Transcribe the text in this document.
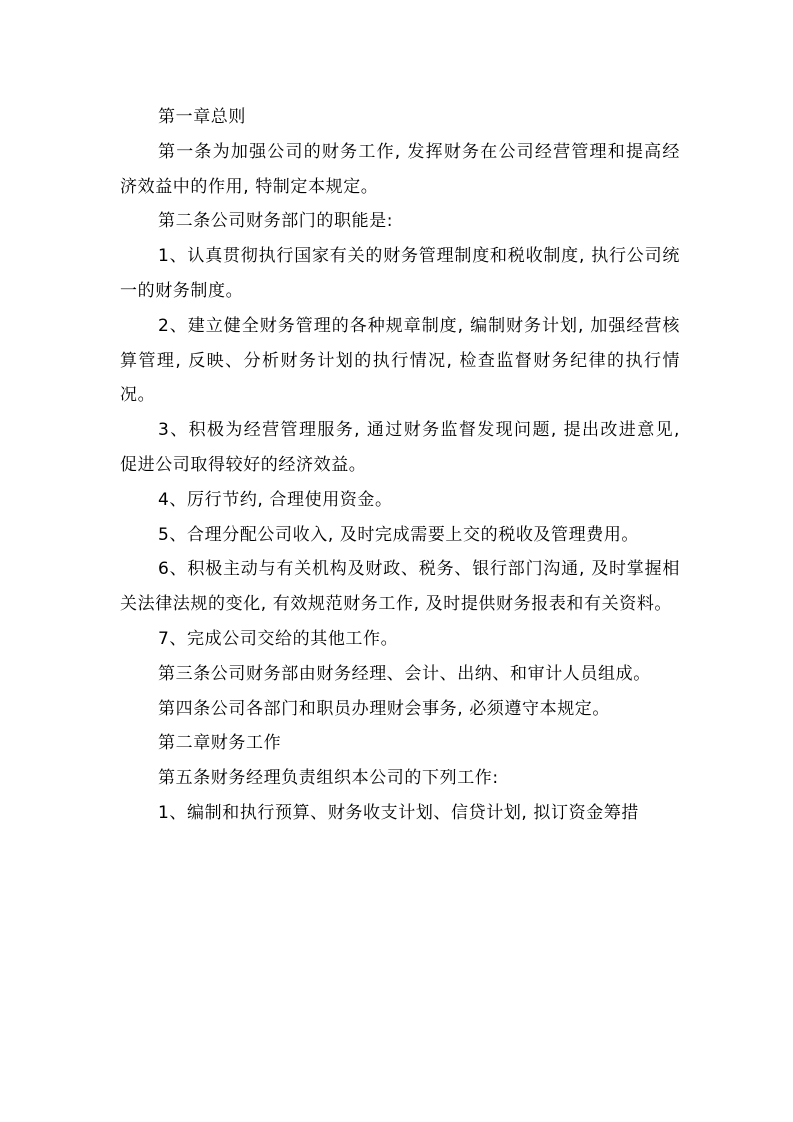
第一章总则

第一条为加强公司的财务工作, 发挥财务在公司经营管理和提高经济效益中的作用, 特制定本规定。

第二条公司财务部门的职能是:

1、认真贯彻执行国家有关的财务管理制度和税收制度, 执行公司统一的财务制度。

2、建立健全财务管理的各种规章制度, 编制财务计划, 加强经营核算管理, 反映、分析财务计划的执行情况, 检查监督财务纪律的执行情况。

3、积极为经营管理服务, 通过财务监督发现问题, 提出改进意见, 促进公司取得较好的经济效益。

4、厉行节约, 合理使用资金。

5、合理分配公司收入, 及时完成需要上交的税收及管理费用。

6、积极主动与有关机构及财政、税务、银行部门沟通, 及时掌握相关法律法规的变化, 有效规范财务工作, 及时提供财务报表和有关资料。

7、完成公司交给的其他工作。

第三条公司财务部由财务经理、会计、出纳、和审计人员组成。

第四条公司各部门和职员办理财会事务, 必须遵守本规定。

第二章财务工作

第五条财务经理负责组织本公司的下列工作:

1、编制和执行预算、财务收支计划、信贷计划, 拟订资金筹措
